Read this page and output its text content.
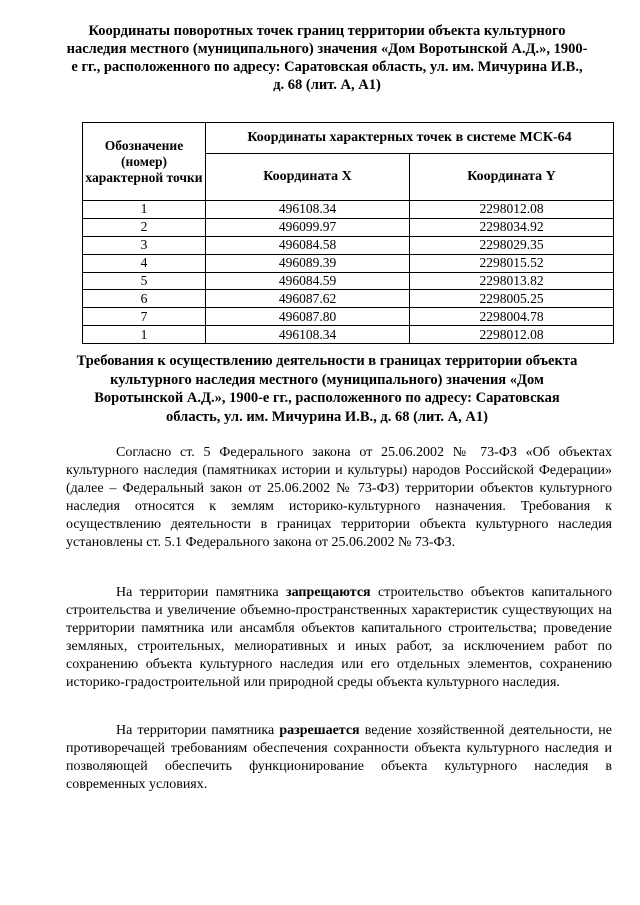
Координаты поворотных точек границ территории объекта культурного наследия местного (муниципального) значения «Дом Воротынской А.Д.», 1900-е гг., расположенного по адресу: Саратовская область, ул. им. Мичурина И.В., д. 68 (лит. А, А1)
Обозначение (номер) характерной точки	Координаты характерных точек в системе МСК-64	
	Координата X	Координата Y
1	496108.34	2298012.08
2	496099.97	2298034.92
3	496084.58	2298029.35
4	496089.39	2298015.52
5	496084.59	2298013.82
6	496087.62	2298005.25
7	496087.80	2298004.78
1	496108.34	2298012.08
Требования к осуществлению деятельности в границах территории объекта культурного наследия местного (муниципального) значения «Дом Воротынской А.Д.», 1900-е гг., расположенного по адресу: Саратовская область, ул. им. Мичурина И.В., д. 68 (лит. А, А1)
Согласно ст. 5 Федерального закона от 25.06.2002 № 73-ФЗ «Об объектах культурного наследия (памятниках истории и культуры) народов Российской Федерации» (далее – Федеральный закон от 25.06.2002 № 73-ФЗ) территории объектов культурного наследия относятся к землям историко-культурного назначения. Требования к осуществлению деятельности в границах территории объекта культурного наследия установлены ст. 5.1 Федерального закона от 25.06.2002 № 73-ФЗ.
На территории памятника запрещаются строительство объектов капитального строительства и увеличение объемно-пространственных характеристик существующих на территории памятника или ансамбля объектов капитального строительства; проведение земляных, строительных, мелиоративных и иных работ, за исключением работ по сохранению объекта культурного наследия или его отдельных элементов, сохранению историко-градостроительной или природной среды объекта культурного наследия.
На территории памятника разрешается ведение хозяйственной деятельности, не противоречащей требованиям обеспечения сохранности объекта культурного наследия и позволяющей обеспечить функционирование объекта культурного наследия в современных условиях.
